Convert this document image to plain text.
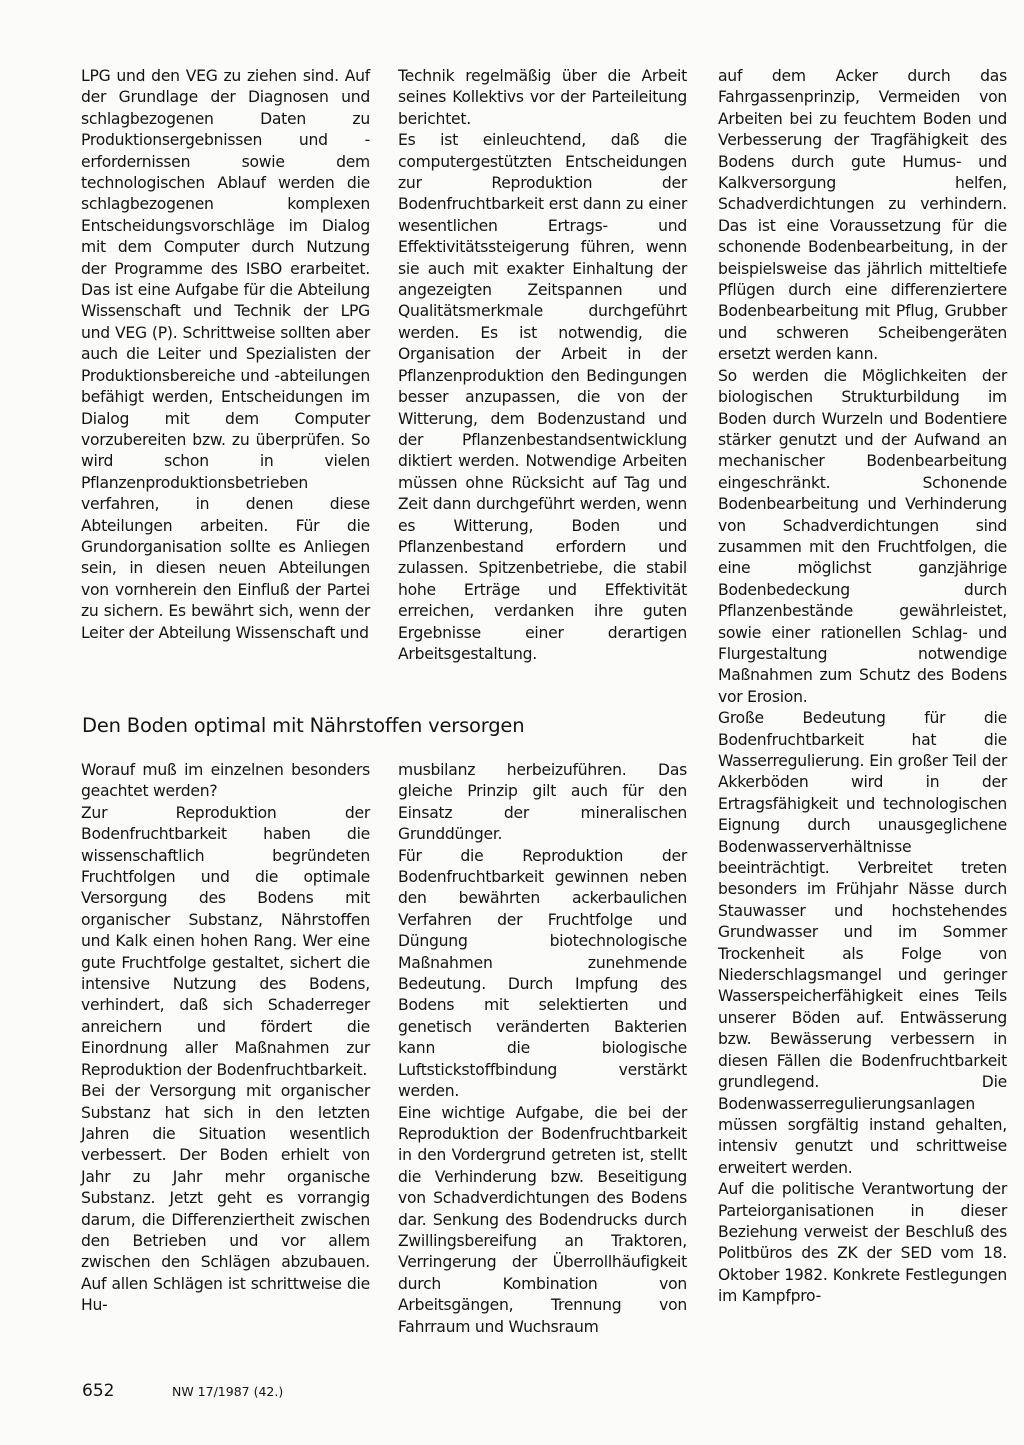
LPG und den VEG zu ziehen sind. Auf der Grundlage der Diagnosen und schlagbezogenen Daten zu Produktionsergebnissen und -erfordernissen sowie dem technologischen Ablauf werden die schlagbezogenen komplexen Entscheidungsvorschläge im Dialog mit dem Computer durch Nutzung der Programme des ISBO erarbeitet. Das ist eine Aufgabe für die Abteilung Wissenschaft und Technik der LPG und VEG (P). Schrittweise sollten aber auch die Leiter und Spezialisten der Produktionsbereiche und -abteilungen befähigt werden, Entscheidungen im Dialog mit dem Computer vorzubereiten bzw. zu überprüfen. So wird schon in vielen Pflanzenproduktionsbetrieben verfahren, in denen diese Abteilungen arbeiten. Für die Grundorganisation sollte es Anliegen sein, in diesen neuen Abteilungen von vornherein den Einfluß der Partei zu sichern. Es bewährt sich, wenn der Leiter der Abteilung Wissenschaft und

Technik regelmäßig über die Arbeit seines Kollektivs vor der Parteileitung berichtet.

Es ist einleuchtend, daß die computergestützten Entscheidungen zur Reproduktion der Bodenfruchtbarkeit erst dann zu einer wesentlichen Ertrags- und Effektivitätssteigerung führen, wenn sie auch mit exakter Einhaltung der angezeigten Zeitspannen und Qualitätsmerkmale durchgeführt werden. Es ist notwendig, die Organisation der Arbeit in der Pflanzenproduktion den Bedingungen besser anzupassen, die von der Witterung, dem Bodenzustand und der Pflanzenbestandsentwicklung diktiert werden. Notwendige Arbeiten müssen ohne Rücksicht auf Tag und Zeit dann durchgeführt werden, wenn es Witterung, Boden und Pflanzenbestand erfordern und zulassen. Spitzenbetriebe, die stabil hohe Erträge und Effektivität erreichen, verdanken ihre guten Ergebnisse einer derartigen Arbeitsgestaltung.

Den Boden optimal mit Nährstoffen versorgen

Worauf muß im einzelnen besonders geachtet werden?

Zur Reproduktion der Bodenfruchtbarkeit haben die wissenschaftlich begründeten Fruchtfolgen und die optimale Versorgung des Bodens mit organischer Substanz, Nährstoffen und Kalk einen hohen Rang. Wer eine gute Fruchtfolge gestaltet, sichert die intensive Nutzung des Bodens, verhindert, daß sich Schaderreger anreichern und fördert die Einordnung aller Maßnahmen zur Reproduktion der Bodenfruchtbarkeit.

Bei der Versorgung mit organischer Substanz hat sich in den letzten Jahren die Situation wesentlich verbessert. Der Boden erhielt von Jahr zu Jahr mehr organische Substanz. Jetzt geht es vorrangig darum, die Differenziertheit zwischen den Betrieben und vor allem zwischen den Schlägen abzubauen. Auf allen Schlägen ist schrittweise die Hu-

musbilanz herbeizuführen. Das gleiche Prinzip gilt auch für den Einsatz der mineralischen Grunddünger.

Für die Reproduktion der Bodenfruchtbarkeit gewinnen neben den bewährten ackerbaulichen Verfahren der Fruchtfolge und Düngung biotechnologische Maßnahmen zunehmende Bedeutung. Durch Impfung des Bodens mit selektierten und genetisch veränderten Bakterien kann die biologische Luftstickstoffbindung verstärkt werden.

Eine wichtige Aufgabe, die bei der Reproduktion der Bodenfruchtbarkeit in den Vordergrund getreten ist, stellt die Verhinderung bzw. Beseitigung von Schadverdichtungen des Bodens dar. Senkung des Bodendrucks durch Zwillingsbereifung an Traktoren, Verringerung der Überrollhäufigkeit durch Kombination von Arbeitsgängen, Trennung von Fahrraum und Wuchsraum

auf dem Acker durch das Fahrgassenprinzip, Vermeiden von Arbeiten bei zu feuchtem Boden und Verbesserung der Tragfähigkeit des Bodens durch gute Humus- und Kalkversorgung helfen, Schadverdichtungen zu verhindern. Das ist eine Voraussetzung für die schonende Bodenbearbeitung, in der beispielsweise das jährlich mitteltiefe Pflügen durch eine differenziertere Bodenbearbeitung mit Pflug, Grubber und schweren Scheibengeräten ersetzt werden kann.

So werden die Möglichkeiten der biologischen Strukturbildung im Boden durch Wurzeln und Bodentiere stärker genutzt und der Aufwand an mechanischer Bodenbearbeitung eingeschränkt. Schonende Bodenbearbeitung und Verhinderung von Schadverdichtungen sind zusammen mit den Fruchtfolgen, die eine möglichst ganzjährige Bodenbedeckung durch Pflanzenbestände gewährleistet, sowie einer rationellen Schlag- und Flurgestaltung notwendige Maßnahmen zum Schutz des Bodens vor Erosion.

Große Bedeutung für die Bodenfruchtbarkeit hat die Wasserregulierung. Ein großer Teil der Akkerböden wird in der Ertragsfähigkeit und technologischen Eignung durch unausgeglichene Bodenwasserverhältnisse beeinträchtigt. Verbreitet treten besonders im Frühjahr Nässe durch Stauwasser und hochstehendes Grundwasser und im Sommer Trockenheit als Folge von Niederschlagsmangel und geringer Wasserspeicherfähigkeit eines Teils unserer Böden auf. Entwässerung bzw. Bewässerung verbessern in diesen Fällen die Bodenfruchtbarkeit grundlegend. Die Bodenwasserregulierungsanlagen müssen sorgfältig instand gehalten, intensiv genutzt und schrittweise erweitert werden.

Auf die politische Verantwortung der Parteiorganisationen in dieser Beziehung verweist der Beschluß des Politbüros des ZK der SED vom 18. Oktober 1982. Konkrete Festlegungen im Kampfpro-

652	NW 17/1987 (42.)
